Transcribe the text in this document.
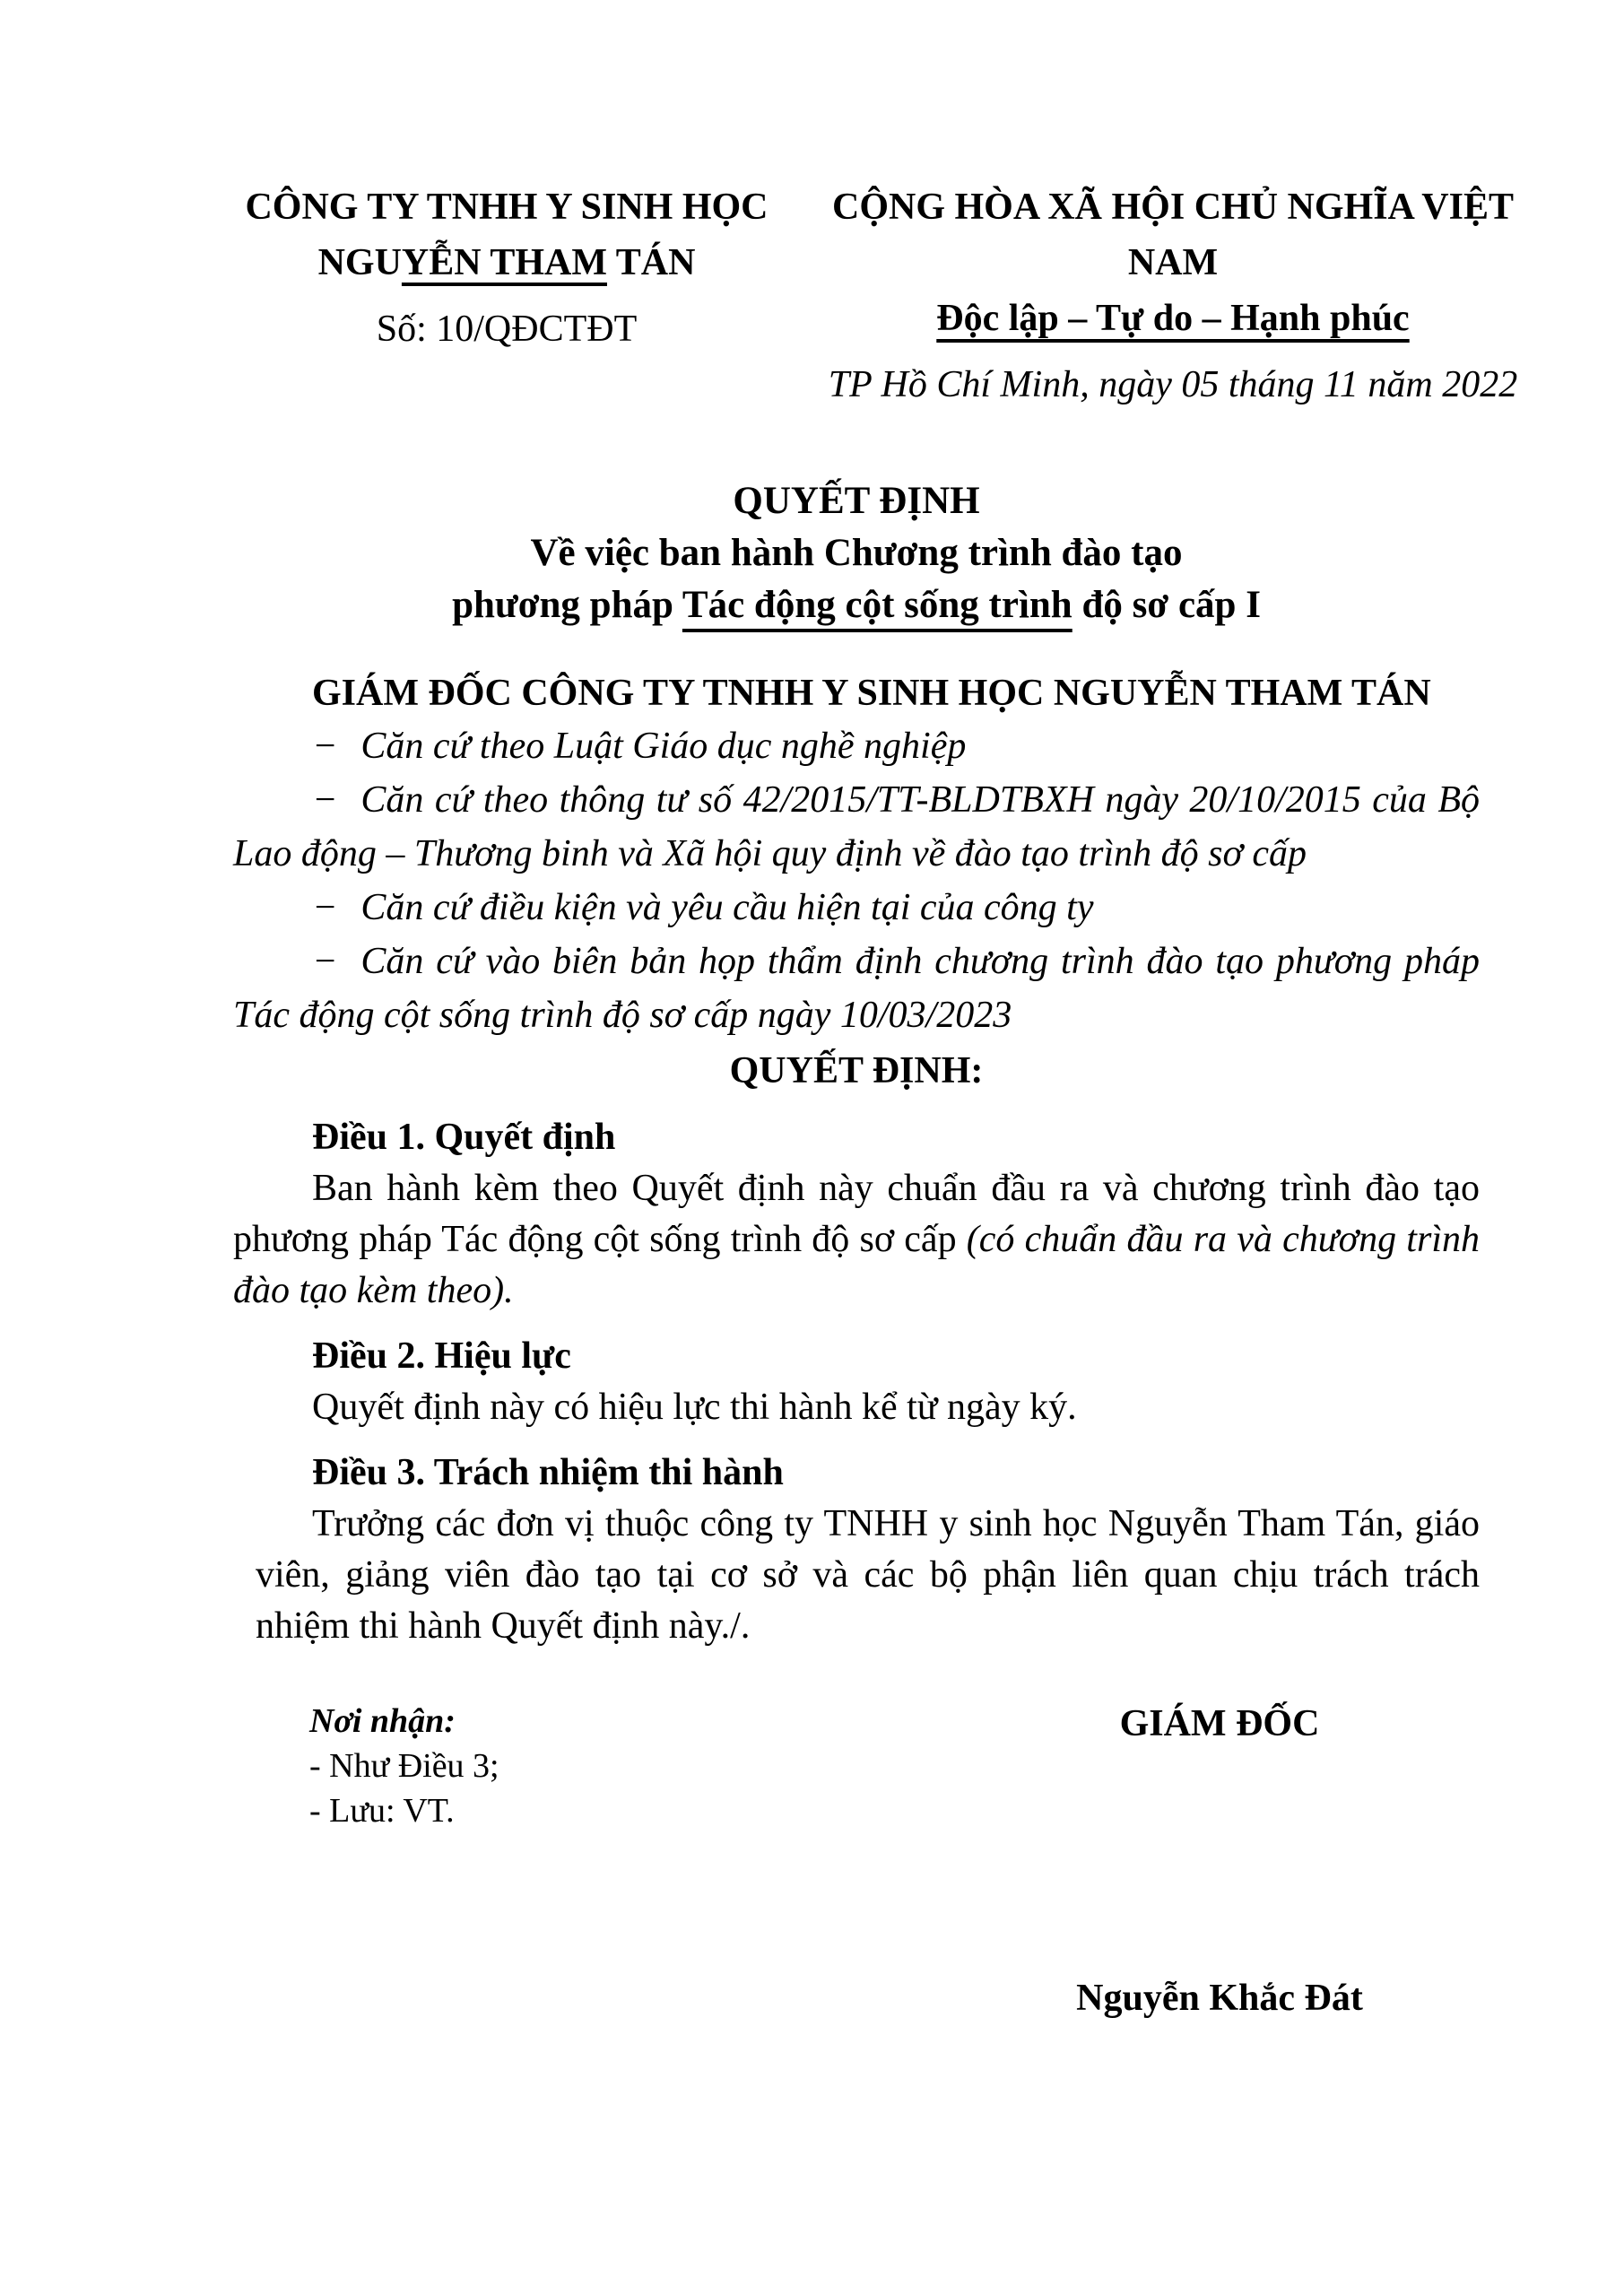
CÔNG TY TNHH Y SINH HỌC

NGUYỄN THAM TÁN

Số: 10/QĐCTĐT

CỘNG HÒA XÃ HỘI CHỦ NGHĨA VIỆT NAM

Độc lập – Tự do – Hạnh phúc

TP Hồ Chí Minh, ngày 05 tháng 11 năm 2022

QUYẾT ĐỊNH

Về việc ban hành Chương trình đào tạo

phương pháp Tác động cột sống trình độ sơ cấp I

GIÁM ĐỐC CÔNG TY TNHH Y SINH HỌC NGUYỄN THAM TÁN

− Căn cứ theo Luật Giáo dục nghề nghiệp

− Căn cứ theo thông tư số 42/2015/TT-BLDTBXH ngày 20/10/2015 của Bộ Lao động – Thương binh và Xã hội quy định về đào tạo trình độ sơ cấp

− Căn cứ điều kiện và yêu cầu hiện tại của công ty

− Căn cứ vào biên bản họp thẩm định chương trình đào tạo phương pháp Tác động cột sống trình độ sơ cấp ngày 10/03/2023

QUYẾT ĐỊNH:

Điều 1. Quyết định

Ban hành kèm theo Quyết định này chuẩn đầu ra và chương trình đào tạo phương pháp Tác động cột sống trình độ sơ cấp (có chuẩn đầu ra và chương trình đào tạo kèm theo).

Điều 2. Hiệu lực

Quyết định này có hiệu lực thi hành kể từ ngày ký.

Điều 3. Trách nhiệm thi hành

Trưởng các đơn vị thuộc công ty TNHH y sinh học Nguyễn Tham Tán, giáo viên, giảng viên đào tạo tại cơ sở và các bộ phận liên quan chịu trách trách nhiệm thi hành Quyết định này./.

Nơi nhận:

- Như Điều 3;

- Lưu: VT.

GIÁM ĐỐC

Nguyễn Khắc Đát
